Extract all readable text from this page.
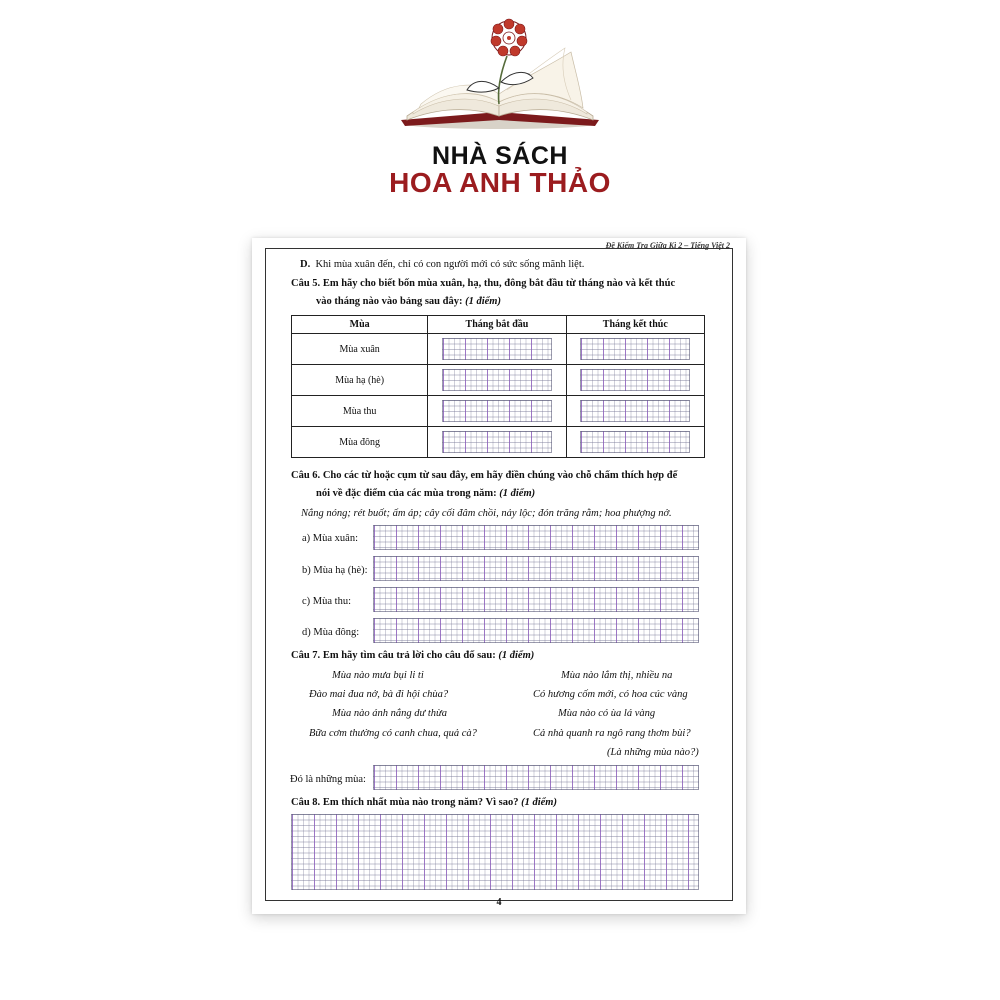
NHÀ SÁCH
HOA ANH THẢO
Đề Kiểm Tra Giữa Kì 2 – Tiếng Việt 2
D. Khi mùa xuân đến, chỉ có con người mới có sức sống mãnh liệt.
Câu 5. Em hãy cho biết bốn mùa xuân, hạ, thu, đông bắt đầu từ tháng nào và kết thúc
vào tháng nào vào bảng sau đây: (1 điểm)
Mùa	Tháng bắt đầu	Tháng kết thúc
Mùa xuân	

Mùa hạ (hè)	

Mùa thu	

Mùa đông	

Câu 6. Cho các từ hoặc cụm từ sau đây, em hãy điền chúng vào chỗ chấm thích hợp để
nói về đặc điểm của các mùa trong năm: (1 điểm)
Nắng nóng; rét buốt; ấm áp; cây cối đâm chồi, nảy lộc; đón trăng rằm; hoa phượng nở.
a) Mùa xuân:
b) Mùa hạ (hè):
c) Mùa thu:
d) Mùa đông:
Câu 7. Em hãy tìm câu trả lời cho câu đố sau: (1 điểm)
Mùa nào mưa bụi li ti
Đào mai đua nở, bà đi hội chùa?
Mùa nào ánh nắng dư thừa
Bữa cơm thường có canh chua, quả cà?
Mùa nào lắm thị, nhiều na
Có hương cốm mới, có hoa cúc vàng
Mùa nào có ùa lá vàng
Cả nhà quanh ra ngô rang thơm bùi?
(Là những mùa nào?)
Đó là những mùa:
Câu 8. Em thích nhất mùa nào trong năm? Vì sao? (1 điểm)
4
